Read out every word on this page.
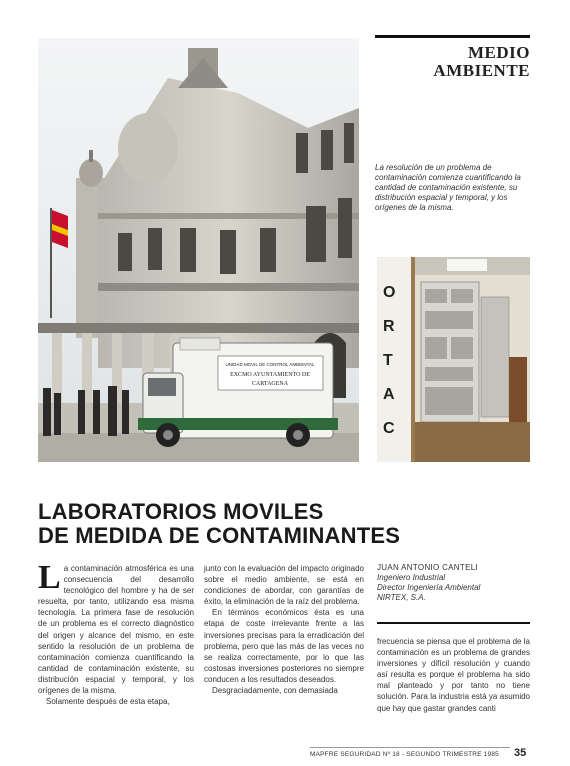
MEDIO
AMBIENTE
UNIDAD MOVIL DE CONTROL AMBIENTAL
EXCMO AYUNTAMIENTO DE
CARTAGENA
La resolución de un problema de contaminación comienza cuantificando la cantidad de contaminación existente, su distribución espacial y temporal, y los orígenes de la misma.
O
R
T
A
C
LABORATORIOS MOVILES
DE MEDIDA DE CONTAMINANTES

La contaminación atmosférica es una consecuencia del desarrollo tecnológico del hombre y ha de ser resuelta, por tanto, utilizando esa misma tecnología. La primera fase de resolución de un problema es el correcto diagnóstico del origen y alcance del mismo, en este sentido la resolución de un problema de contaminación comienza cuantificando la cantidad de contaminación existente, su distribución espacial y temporal, y los orígenes de la misma.

Solamente después de esta etapa,

junto con la evaluación del impacto originado sobre el medio ambiente, se está en condiciones de abordar, con garantías de éxito, la eliminación de la raíz del problema.

En términos económicos ésta es una etapa de coste irrelevante frente a las inversiones precisas para la erradicación del problema, pero que las más de las veces no se realiza correctamente, por lo que las costosas inversiones posteriores no siempre conducen a los resultados deseados.

Desgraciadamente, con demasiada

JUAN ANTONIO CANTELI
Ingeniero Industrial
Director Ingeniería Ambiental
NIRTEX, S.A.

frecuencia se piensa que el problema de la contaminación es un problema de grandes inversiones y difícil resolución y cuando así resulta es porque el problema ha sido mal planteado y por tanto no tiene solución. Para la industria está ya asumido que hay que gastar grandes canti

MAPFRE SEGURIDAD Nº 18 - SEGUNDO TRIMESTRE 1985	35
